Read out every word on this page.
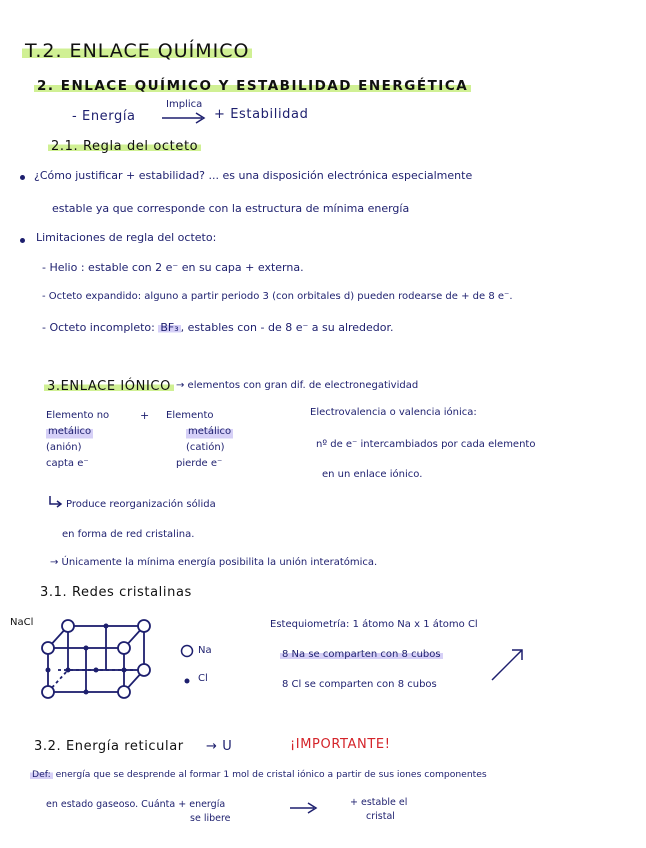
T.2. ENLACE QUÍMICO
2. ENLACE QUÍMICO Y ESTABILIDAD ENERGÉTICA
- Energía
Implica
+ Estabilidad
2.1. Regla del octeto
¿Cómo justificar + estabilidad? ... es una disposición electrónica especialmente
estable ya que corresponde con la estructura de mínima energía
Limitaciones de regla del octeto:
- Helio : estable con 2 e⁻ en su capa + externa.
- Octeto expandido: alguno a partir periodo 3 (con orbitales d) pueden rodearse de + de 8 e⁻.
- Octeto incompleto: BF₃ , estables con - de 8 e⁻ a su alrededor.
3.ENLACE IÓNICO → elementos con gran dif. de electronegatividad
Elemento no
metálico
(anión)
capta e⁻
+ Elemento
metálico
(catión)
pierde e⁻
Electrovalencia o valencia iónica:
nº de e⁻ intercambiados por cada elemento
en un enlace iónico.
Produce reorganización sólida
en forma de red cristalina.
→ Únicamente la mínima energía posibilita la unión interatómica.
3.1. Redes cristalinas
NaCl
Na
Cl
Estequiometría: 1 átomo Na x 1 átomo Cl
8 Na se comparten con 8 cubos
8 Cl se comparten con 8 cubos
3.2. Energía reticular → U	¡IMPORTANTE!
Def: energía que se desprende al formar 1 mol de cristal iónico a partir de sus iones componentes
en estado gaseoso. Cuánta + energía
se libere
+ estable el
cristal
